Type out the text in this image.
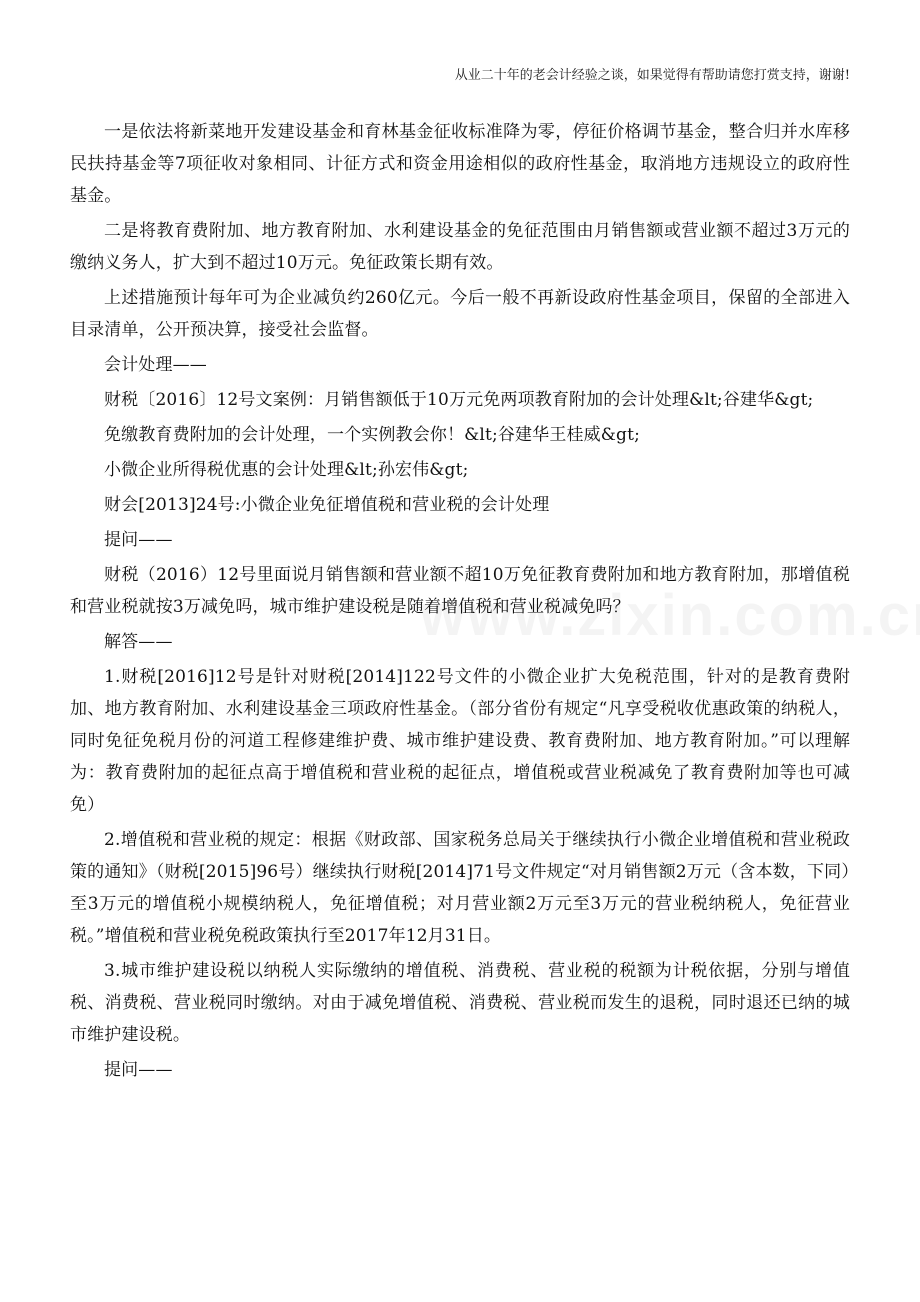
从业二十年的老会计经验之谈，如果觉得有帮助请您打赏支持，谢谢!

一是依法将新菜地开发建设基金和育林基金征收标准降为零，停征价格调节基金，整合归并水库移民扶持基金等7项征收对象相同、计征方式和资金用途相似的政府性基金，取消地方违规设立的政府性基金。

二是将教育费附加、地方教育附加、水利建设基金的免征范围由月销售额或营业额不超过3万元的缴纳义务人，扩大到不超过10万元。免征政策长期有效。

上述措施预计每年可为企业减负约260亿元。今后一般不再新设政府性基金项目，保留的全部进入目录清单，公开预决算，接受社会监督。

会计处理——

财税〔2016〕12号文案例：月销售额低于10万元免两项教育附加的会计处理&lt;谷建华&gt;

免缴教育费附加的会计处理，一个实例教会你！&lt;谷建华王桂威&gt;

小微企业所得税优惠的会计处理&lt;孙宏伟&gt;

财会[2013]24号:小微企业免征增值税和营业税的会计处理

提问——

财税（2016）12号里面说月销售额和营业额不超10万免征教育费附加和地方教育附加，那增值税和营业税就按3万减免吗，城市维护建设税是随着增值税和营业税减免吗？

解答——

1.财税[2016]12号是针对财税[2014]122号文件的小微企业扩大免税范围，针对的是教育费附加、地方教育附加、水利建设基金三项政府性基金。（部分省份有规定“凡享受税收优惠政策的纳税人，同时免征免税月份的河道工程修建维护费、城市维护建设费、教育费附加、地方教育附加。”可以理解为：教育费附加的起征点高于增值税和营业税的起征点，增值税或营业税减免了教育费附加等也可减免）

2.增值税和营业税的规定：根据《财政部、国家税务总局关于继续执行小微企业增值税和营业税政策的通知》（财税[2015]96号）继续执行财税[2014]71号文件规定“对月销售额2万元（含本数，下同）至3万元的增值税小规模纳税人，免征增值税；对月营业额2万元至3万元的营业税纳税人，免征营业税。”增值税和营业税免税政策执行至2017年12月31日。

3.城市维护建设税以纳税人实际缴纳的增值税、消费税、营业税的税额为计税依据，分别与增值税、消费税、营业税同时缴纳。对由于减免增值税、消费税、营业税而发生的退税，同时退还已纳的城市维护建设税。

提问——
